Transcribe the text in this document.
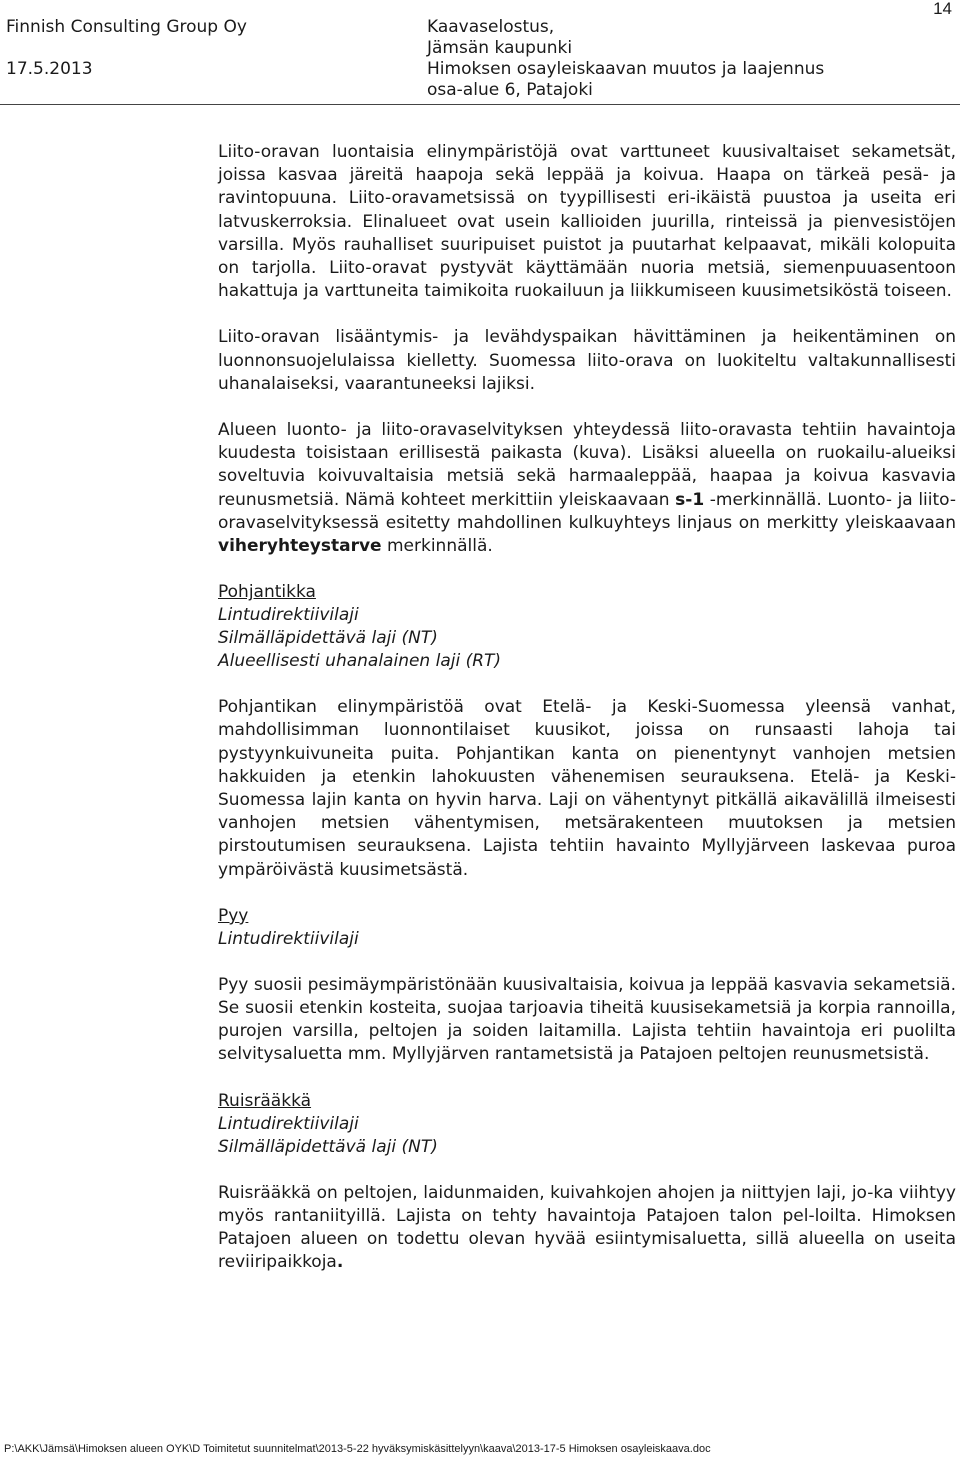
Finnish Consulting Group Oy
17.5.2013
Kaavaselostus,
Jämsän kaupunki
Himoksen osayleiskaavan muutos ja laajennus
osa-alue 6, Patajoki
14

Liito-oravan luontaisia elinympäristöjä ovat varttuneet kuusivaltaiset sekametsät, joissa kasvaa järeitä haapoja sekä leppää ja koivua. Haapa on tärkeä pesä- ja ravintopuuna. Liito-oravametsissä on tyypillisesti eri-ikäistä puustoa ja useita eri latvuskerroksia. Elinalueet ovat usein kallioiden juurilla, rinteissä ja pienvesistöjen varsilla. Myös rauhalliset suuripuiset puistot ja puutarhat kelpaavat, mikäli kolopuita on tarjolla. Liito-oravat pystyvät käyttämään nuoria metsiä, siemenpuuasentoon hakattuja ja varttuneita taimikoita ruokailuun ja liikkumiseen kuusimetsiköstä toiseen.

Liito-oravan lisääntymis- ja levähdyspaikan hävittäminen ja heikentäminen on luonnonsuojelulaissa kielletty. Suomessa liito-orava on luokiteltu valtakunnallisesti uhanalaiseksi, vaarantuneeksi lajiksi.

Alueen luonto- ja liito-oravaselvityksen yhteydessä liito-oravasta tehtiin havaintoja kuudesta toisistaan erillisestä paikasta (kuva). Lisäksi alueella on ruokailu-alueiksi soveltuvia koivuvaltaisia metsiä sekä harmaaleppää, haapaa ja koivua kasvavia reunusmetsiä. Nämä kohteet merkittiin yleiskaavaan s-1 -merkinnällä. Luonto- ja liito-oravaselvityksessä esitetty mahdollinen kulkuyhteys linjaus on merkitty yleiskaavaan viheryhteystarve merkinnällä.

Pohjantikka
Lintudirektiivilaji
Silmälläpidettävä laji (NT)
Alueellisesti uhanalainen laji (RT)

Pohjantikan elinympäristöä ovat Etelä- ja Keski-Suomessa yleensä vanhat, mahdollisimman luonnontilaiset kuusikot, joissa on runsaasti lahoja tai pystyynkuivuneita puita. Pohjantikan kanta on pienentynyt vanhojen metsien hakkuiden ja etenkin lahokuusten vähenemisen seurauksena. Etelä- ja Keski-Suomessa lajin kanta on hyvin harva. Laji on vähentynyt pitkällä aikavälillä ilmeisesti vanhojen metsien vähentymisen, metsärakenteen muutoksen ja metsien pirstoutumisen seurauksena. Lajista tehtiin havainto Myllyjärveen laskevaa puroa ympäröivästä kuusimetsästä.

Pyy
Lintudirektiivilaji

Pyy suosii pesimäympäristönään kuusivaltaisia, koivua ja leppää kasvavia sekametsiä. Se suosii etenkin kosteita, suojaa tarjoavia tiheitä kuusisekametsiä ja korpia rannoilla, purojen varsilla, peltojen ja soiden laitamilla. Lajista tehtiin havaintoja eri puolilta selvitysaluetta mm. Myllyjärven rantametsistä ja Patajoen peltojen reunusmetsistä.

Ruisrääkkä
Lintudirektiivilaji
Silmälläpidettävä laji (NT)

Ruisrääkkä on peltojen, laidunmaiden, kuivahkojen ahojen ja niittyjen laji, jo-ka viihtyy myös rantaniityillä. Lajista on tehty havaintoja Patajoen talon pel-loilta. Himoksen Patajoen alueen on todettu olevan hyvää esiintymisaluetta, sillä alueella on useita reviiripaikkoja.

P:\AKK\Jämsä\Himoksen alueen OYK\D Toimitetut suunnitelmat\2013-5-22 hyväksymiskäsittelyyn\kaava\2013-17-5 Himoksen osayleiskaava.doc
